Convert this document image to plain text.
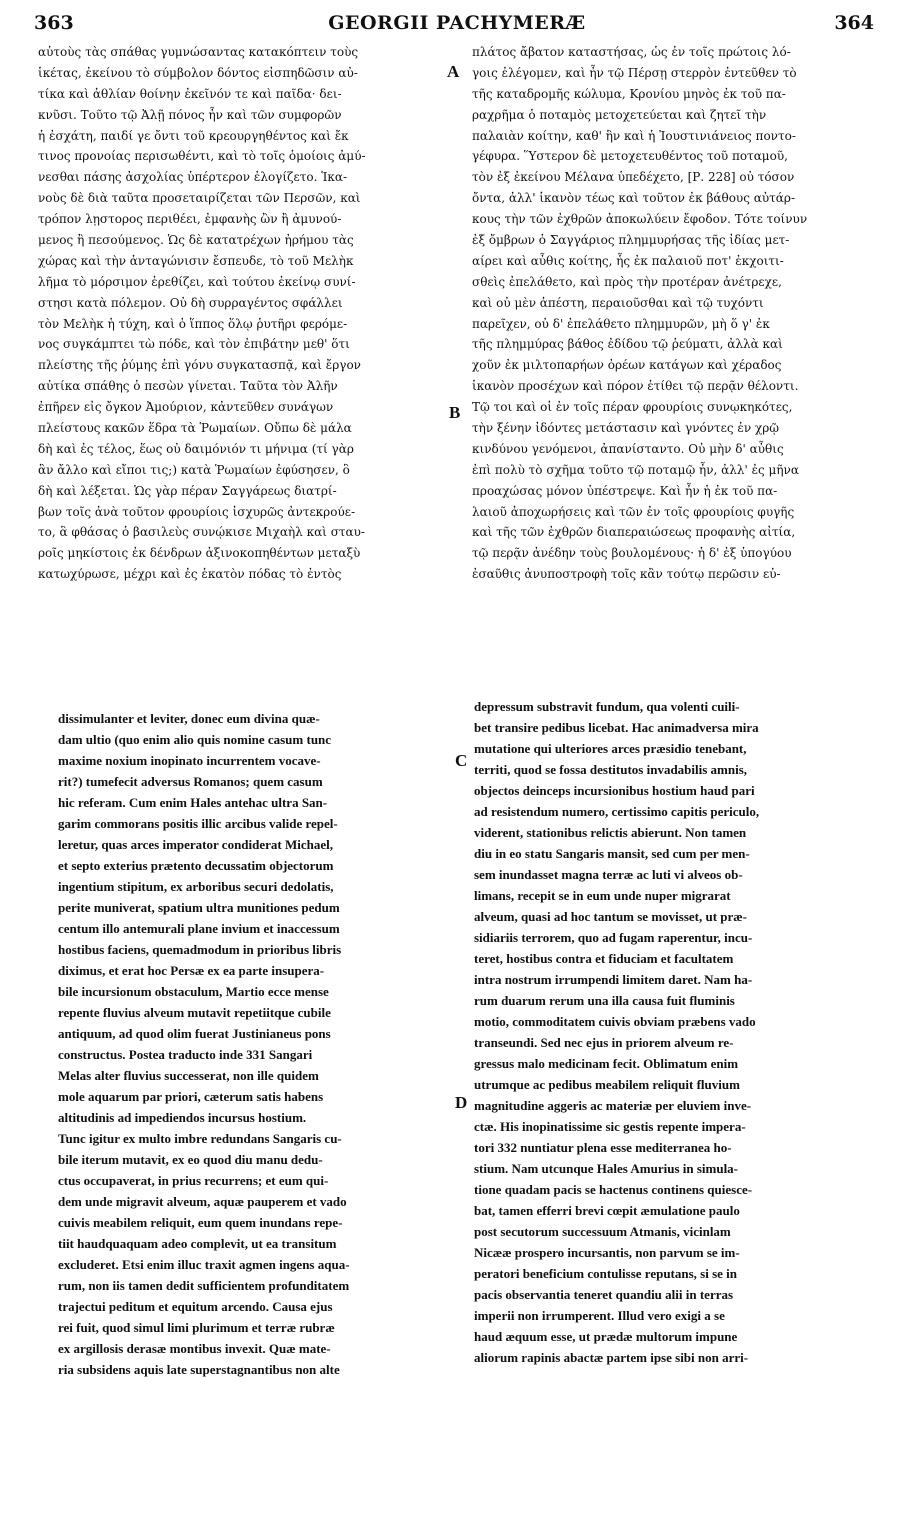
363	GEORGII PACHYMERÆ	364
αὐτοὺς τὰς σπάθας γυμνώσαντας κατακόπτειν τοὺς
ἱκέτας, ἐκείνου τὸ σύμβολον δόντος εἰσπηδῶσιν αὐ-
τίκα καὶ ἀθλίαν θοίνην ἐκεῖνόν τε καὶ παῖδα· δει-
κνῦσι. Τοῦτο τῷ Ἀλῇ πόνος ἦν καὶ τῶν συμφορῶν
ἡ ἐσχάτη, παιδί γε ὄντι τοῦ κρεουργηθέντος καὶ ἔκ
τινος προνοίας περισωθέντι, καὶ τὸ τοῖς ὁμοίοις ἀμύ-
νεσθαι πάσης ἀσχολίας ὑπέρτερον ἐλογίζετο. Ἱκα-
νοὺς δὲ διὰ ταῦτα προσεταιρίζεται τῶν Περσῶν, καὶ
τρόπον λῃστορος περιθέει, ἐμφανὴς ὢν ἢ ἀμυνού-
μενος ἢ πεσούμενος. Ὡς δὲ κατατρέχων ἠρήμου τὰς
χώρας καὶ τὴν ἀνταγώνισιν ἔσπευδε, τὸ τοῦ Μελὴκ
λῆμα τὸ μόρσιμον ἐρεθίζει, καὶ τούτου ἐκείνῳ συνί-
στησι κατὰ πόλεμον. Οὐ δὴ συρραγέντος σφάλλει
τὸν Μελὴκ ἡ τύχη, καὶ ὁ ἵππος ὅλῳ ῥυτῆρι φερόμε-
νος συγκάμπτει τὼ πόδε, καὶ τὸν ἐπιβάτην μεθ' ὅτι
πλείστης τῆς ῥύμης ἐπὶ γόνυ συγκατασπᾷ, καὶ ἔργον
αὐτίκα σπάθης ὁ πεσὼν γίνεται. Ταῦτα τὸν Ἀλῆν
ἐπῆρεν εἰς ὄγκον Ἀμούριον, κἀντεῦθεν συνάγων
πλείστους κακῶν ἕδρα τὰ Ῥωμαίων. Οὔπω δὲ μάλα
δὴ καὶ ἐς τέλος, ἕως οὐ δαιμόνιόν τι μήνιμα (τί γὰρ
ἂν ἄλλο καὶ εἴποι τις;) κατὰ Ῥωμαίων ἐφύσησεν, ὃ
δὴ καὶ λέξεται. Ὡς γὰρ πέραν Σαγγάρεως διατρί-
βων τοῖς ἀνὰ τοῦτον φρουρίοις ἰσχυρῶς ἀντεκρούε-
το, ἃ φθάσας ὁ βασιλεὺς συνῴκισε Μιχαὴλ καὶ σταυ-
ροῖς μηκίστοις ἐκ δένδρων ἀξινοκοπηθέντων μεταξὺ
κατωχύρωσε, μέχρι καὶ ἐς ἑκατὸν πόδας τὸ ἐντὸς
πλάτος ἄβατον καταστήσας, ὡς ἐν τοῖς πρώτοις λό-
γοις ἐλέγομεν, καὶ ἦν τῷ Πέρσῃ στερρὸν ἐντεῦθεν τὸ
τῆς καταδρομῆς κώλυμα, Κρονίου μηνὸς ἐκ τοῦ πα-
ραχρῆμα ὁ ποταμὸς μετοχετεύεται καὶ ζητεῖ τὴν
παλαιὰν κοίτην, καθ' ἣν καὶ ἡ Ἰουστινιάνειος ποντο-
γέφυρα. Ὕστερον δὲ μετοχετευθέντος τοῦ ποταμοῦ,
τὸν ἐξ ἐκείνου Μέλανα ὑπεδέχετο, [Ρ. 228] οὐ τόσον
ὄντα, ἀλλ' ἱκανὸν τέως καὶ τοῦτον ἐκ βάθους αὐτάρ-
κους τὴν τῶν ἐχθρῶν ἀποκωλύειν ἔφοδον. Τότε τοίνυν
ἐξ ὄμβρων ὁ Σαγγάριος πλημμυρήσας τῆς ἰδίας μετ-
αίρει καὶ αὖθις κοίτης, ἧς ἐκ παλαιοῦ ποτ' ἐκχοιτι-
σθεὶς ἐπελάθετο, καὶ πρὸς τὴν προτέραν ἀνέτρεχε,
καὶ οὐ μὲν ἀπέστη, περαιοῦσθαι καὶ τῷ τυχόντι
παρεῖχεν, οὐ δ' ἐπελάθετο πλημμυρῶν, μὴ ὅ γ' ἐκ
τῆς πλημμύρας βάθος ἐδίδου τῷ ῥεύματι, ἀλλὰ καὶ
χοῦν ἐκ μιλτοπαρήων ὀρέων κατάγων καὶ χέραδος
ἱκανὸν προσέχων καὶ πόρον ἐτίθει τῷ περᾷν θέλοντι.
Τῷ τοι καὶ οἱ ἐν τοῖς πέραν φρουρίοις συνῳκηκότες,
τὴν ξένην ἰδόντες μετάστασιν καὶ γνόντες ἐν χρῷ
κινδύνου γενόμενοι, ἀπανίσταντο. Οὐ μὴν δ' αὖθις
ἐπὶ πολὺ τὸ σχῆμα τοῦτο τῷ ποταμῷ ἦν, ἀλλ' ἐς μῆνα
προαχώσας μόνον ὑπέστρεψε. Καὶ ἦν ἡ ἐκ τοῦ πα-
λαιοῦ ἀποχωρήσεις καὶ τῶν ἐν τοῖς φρουρίοις φυγῆς
καὶ τῆς τῶν ἐχθρῶν διαπεραιώσεως προφανὴς αἰτία,
τῷ περᾷν ἀνέδην τοὺς βουλομένους· ἡ δ' ἐξ ὑπογύου
ἐσαῦθις ἀνυποστροφὴ τοῖς κἂν τούτῳ περῶσιν εὐ-
dissimulanter et leviter, donec eum divina quæ-
dam ultio (quo enim alio quis nomine casum tunc
maxime noxium inopinato incurrentem vocave-
rit?) tumefecit adversus Romanos; quem casum
hic referam. Cum enim Hales antehac ultra San-
garim commorans positis illic arcibus valide repel-
leretur, quas arces imperator condiderat Michael,
et septo exterius prætento decussatim objectorum
ingentium stipitum, ex arboribus securi dedolatis,
perite muniverat, spatium ultra munitiones pedum
centum illo antemurali plane invium et inaccessum
hostibus faciens, quemadmodum in prioribus libris
diximus, et erat hoc Persæ ex ea parte insupera-
bile incursionum obstaculum, Martio ecce mense
repente fluvius alveum mutavit repetiitque cubile
antiquum, ad quod olim fuerat Justinianeus pons
constructus. Postea traducto inde 331 Sangari
Melas alter fluvius successerat, non ille quidem
mole aquarum par priori, cæterum satis habens
altitudinis ad impediendos incursus hostium.
Tunc igitur ex multo imbre redundans Sangaris cu-
bile iterum mutavit, ex eo quod diu manu dedu-
ctus occupaverat, in prius recurrens; et eum qui-
dem unde migravit alveum, aquæ pauperem et vado
cuivis meabilem reliquit, eum quem inundans repe-
tiit haudquaquam adeo complevit, ut ea transitum
excluderet. Etsi enim illuc traxit agmen ingens aqua-
rum, non iis tamen dedit sufficientem profunditatem
trajectui peditum et equitum arcendo. Causa ejus
rei fuit, quod simul limi plurimum et terræ rubræ
ex argillosis derasæ montibus invexit. Quæ mate-
ria subsidens aquis late superstagnantibus non alte
depressum substravit fundum, qua volenti cuili-
bet transire pedibus licebat. Hac animadversa mira
mutatione qui ulteriores arces præsidio tenebant,
territi, quod se fossa destitutos invadabilis amnis,
objectos deinceps incursionibus hostium haud pari
ad resistendum numero, certissimo capitis periculo,
viderent, stationibus relictis abierunt. Non tamen
diu in eo statu Sangaris mansit, sed cum per men-
sem inundasset magna terræ ac luti vi alveos ob-
limans, recepit se in eum unde nuper migrarat
alveum, quasi ad hoc tantum se movisset, ut præ-
sidiariis terrorem, quo ad fugam raperentur, incu-
teret, hostibus contra et fiduciam et facultatem
intra nostrum irrumpendi limitem daret. Nam ha-
rum duarum rerum una illa causa fuit fluminis
motio, commoditatem cuivis obviam præbens vado
transeundi. Sed nec ejus in priorem alveum re-
gressus malo medicinam fecit. Oblimatum enim
utrumque ac pedibus meabilem reliquit fluvium
magnitudine aggeris ac materiæ per eluviem inve-
ctæ. His inopinatissime sic gestis repente impera-
tori 332 nuntiatur plena esse mediterranea ho-
stium. Nam utcunque Hales Amurius in simula-
tione quadam pacis se hactenus continens quiesce-
bat, tamen efferri brevi cœpit æmulatione paulo
post secutorum successuum Atmanis, vicinlam
Nicææ prospero incursantis, non parvum se im-
peratori beneficium contulisse reputans, si se in
pacis observantia teneret quandiu alii in terras
imperii non irrumperent. Illud vero exigi a se
haud æquum esse, ut prædæ multorum impune
aliorum rapinis abactæ partem ipse sibi non arri-
A
B
C
D
